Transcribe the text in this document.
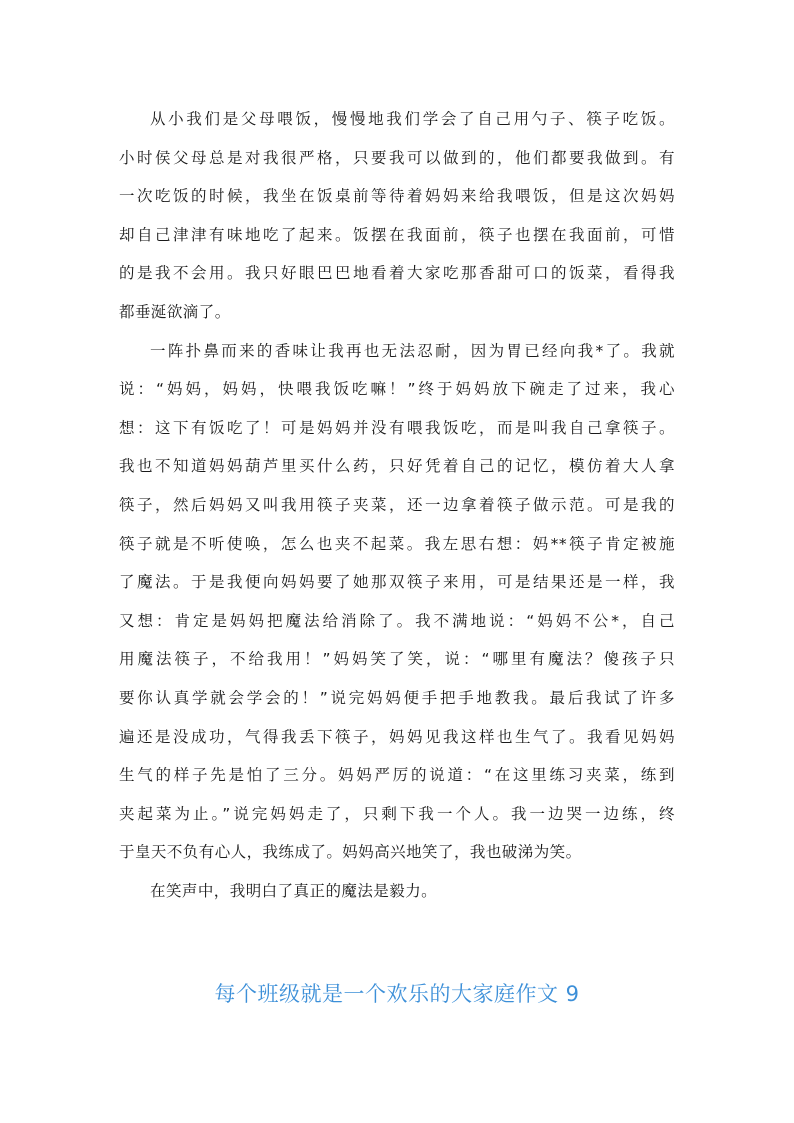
从小我们是父母喂饭，慢慢地我们学会了自己用勺子、筷子吃饭。
小时侯父母总是对我很严格，只要我可以做到的，他们都要我做到。有
一次吃饭的时候，我坐在饭桌前等待着妈妈来给我喂饭，但是这次妈妈
却自己津津有味地吃了起来。饭摆在我面前，筷子也摆在我面前，可惜
的是我不会用。我只好眼巴巴地看着大家吃那香甜可口的饭菜，看得我
都垂涎欲滴了。
一阵扑鼻而来的香味让我再也无法忍耐，因为胃已经向我*了。我就
说：“妈妈，妈妈，快喂我饭吃嘛！”终于妈妈放下碗走了过来，我心
想：这下有饭吃了！可是妈妈并没有喂我饭吃，而是叫我自己拿筷子。
我也不知道妈妈葫芦里买什么药，只好凭着自己的记忆，模仿着大人拿
筷子，然后妈妈又叫我用筷子夹菜，还一边拿着筷子做示范。可是我的
筷子就是不听使唤，怎么也夹不起菜。我左思右想：妈**筷子肯定被施
了魔法。于是我便向妈妈要了她那双筷子来用，可是结果还是一样，我
又想：肯定是妈妈把魔法给消除了。我不满地说：“妈妈不公*，自己
用魔法筷子，不给我用！”妈妈笑了笑，说：“哪里有魔法？傻孩子只
要你认真学就会学会的！”说完妈妈便手把手地教我。最后我试了许多
遍还是没成功，气得我丢下筷子，妈妈见我这样也生气了。我看见妈妈
生气的样子先是怕了三分。妈妈严厉的说道：“在这里练习夹菜，练到
夹起菜为止。”说完妈妈走了，只剩下我一个人。我一边哭一边练，终
于皇天不负有心人，我练成了。妈妈高兴地笑了，我也破涕为笑。
在笑声中，我明白了真正的魔法是毅力。
每个班级就是一个欢乐的大家庭作文 9
